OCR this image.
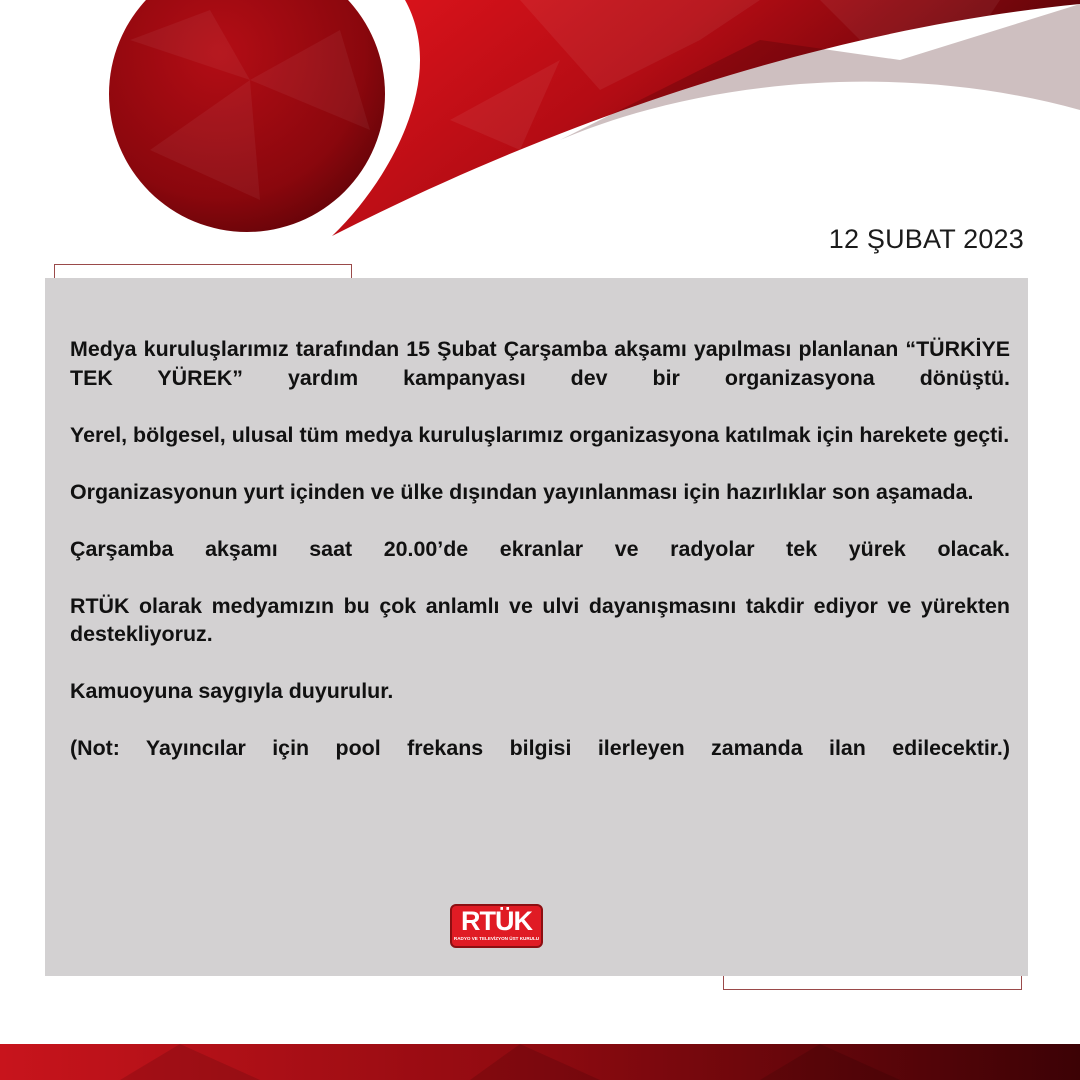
12 ŞUBAT 2023

Medya kuruluşlarımız tarafından 15 Şubat Çarşamba akşamı yapılması planlanan “TÜRKİYE TEK YÜREK” yardım kampanyası dev bir organizasyona dönüştü.

Yerel, bölgesel, ulusal tüm medya kuruluşlarımız organizasyona katılmak için harekete geçti.

Organizasyonun yurt içinden ve ülke dışından yayınlanması için hazırlıklar son aşamada.

Çarşamba akşamı saat 20.00’de ekranlar ve radyolar tek yürek olacak.

RTÜK olarak medyamızın bu çok anlamlı ve ulvi dayanışmasını takdir ediyor ve yürekten destekliyoruz.

Kamuoyuna saygıyla duyurulur.

(Not: Yayıncılar için pool frekans bilgisi ilerleyen zamanda ilan edilecektir.)

RTÜK
RADYO VE TELEVİZYON ÜST KURULU
